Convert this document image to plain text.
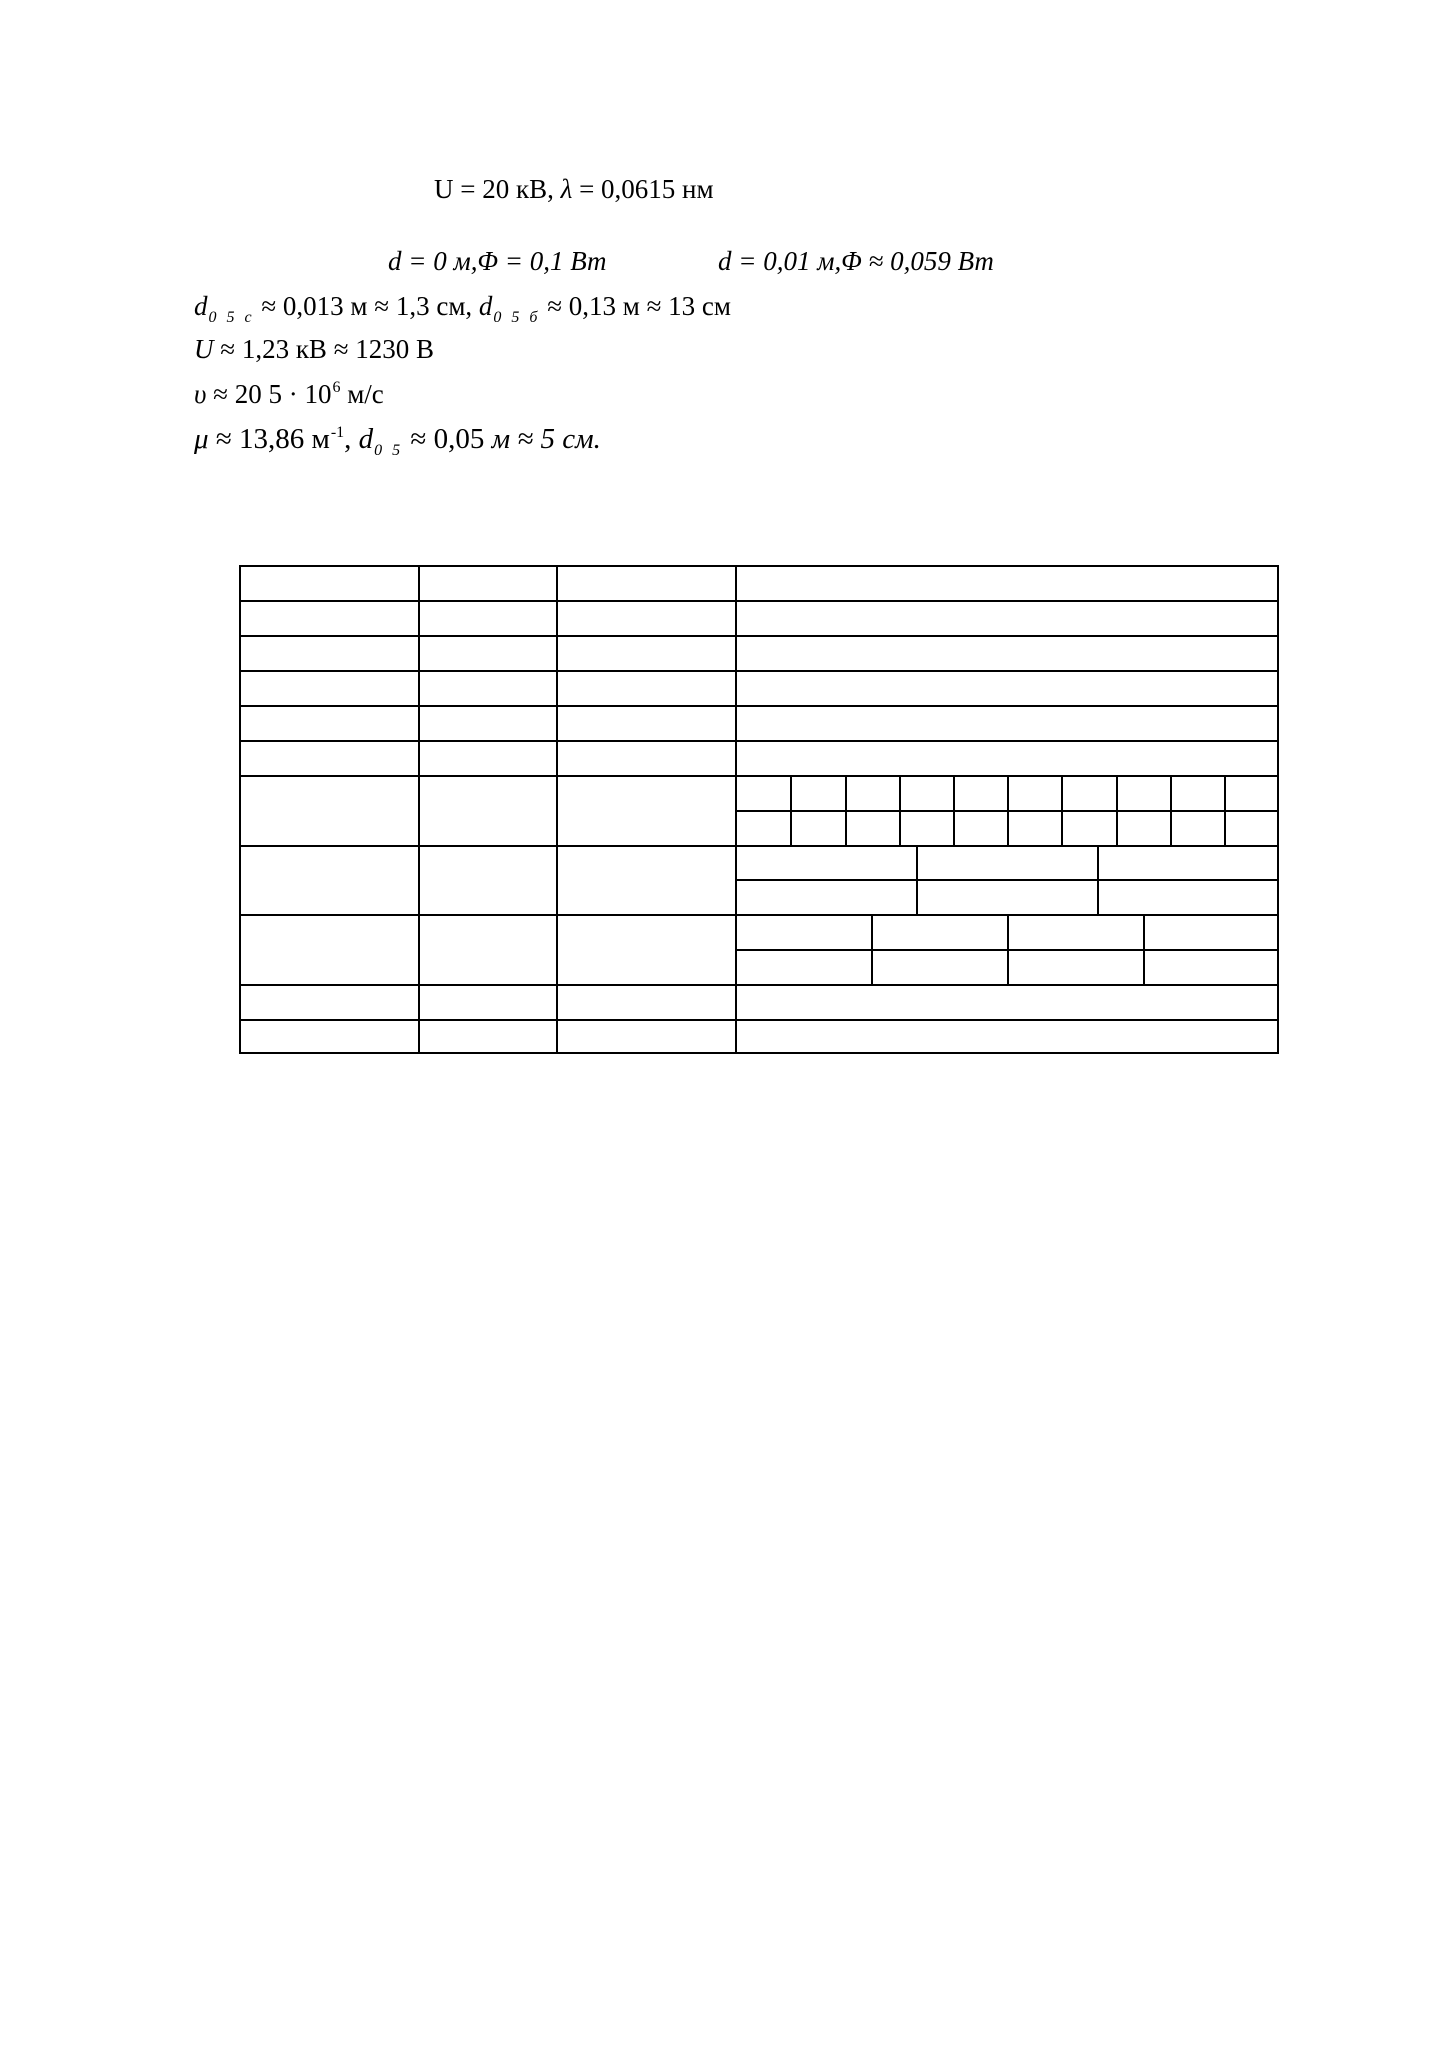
U = 20 кВ, λ = 0,0615 нм
d = 0 м,Φ = 0,1 Вт	d = 0,01 м,Φ ≈ 0,059 Вт
$d_{0 5 c} \approx 0,013$ м ≈ 1,3 см, $d_{0 5 б} \approx 0,13$ м ≈ 13 см
U ≈ 1,23 кВ ≈ 1230 В
υ ≈ 20 $5 \cdot 10^6$ м/с
μ ≈ 13,86 $м^{-1}$, $d_{0 5} \approx 0,05$ м ≈ 5 см.
